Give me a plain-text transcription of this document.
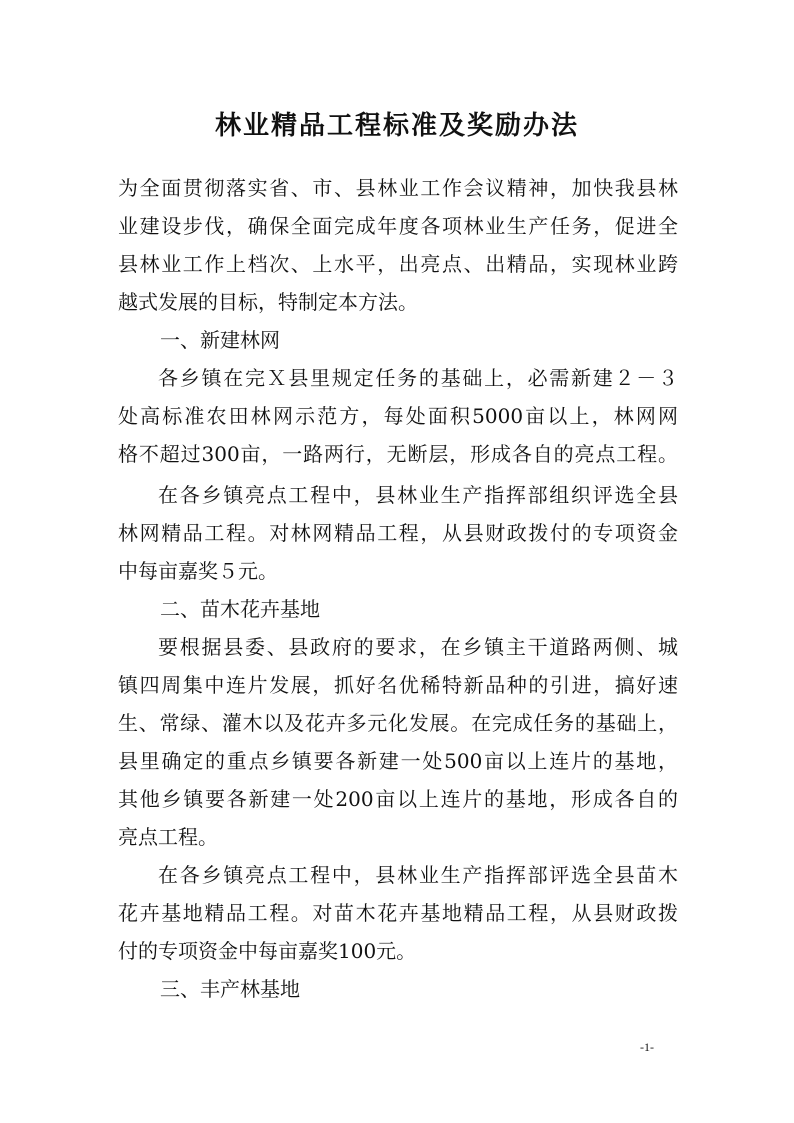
林业精品工程标准及奖励办法
为全面贯彻落实省、市、县林业工作会议精神，加快我县林
业建设步伐，确保全面完成年度各项林业生产任务，促进全
县林业工作上档次、上水平，出亮点、出精品，实现林业跨
越式发展的目标，特制定本方法。
一、新建林网
各乡镇在完Ｘ县里规定任务的基础上，必需新建２－３
处高标准农田林网示范方，每处面积5000亩以上，林网网
格不超过300亩，一路两行，无断层，形成各自的亮点工程。
在各乡镇亮点工程中，县林业生产指挥部组织评选全县
林网精品工程。对林网精品工程，从县财政拨付的专项资金
中每亩嘉奖５元。
二、苗木花卉基地
要根据县委、县政府的要求，在乡镇主干道路两侧、城
镇四周集中连片发展，抓好名优稀特新品种的引进，搞好速
生、常绿、灌木以及花卉多元化发展。在完成任务的基础上，
县里确定的重点乡镇要各新建一处500亩以上连片的基地，
其他乡镇要各新建一处200亩以上连片的基地，形成各自的
亮点工程。
在各乡镇亮点工程中，县林业生产指挥部评选全县苗木
花卉基地精品工程。对苗木花卉基地精品工程，从县财政拨
付的专项资金中每亩嘉奖100元。
三、丰产林基地
-1-
